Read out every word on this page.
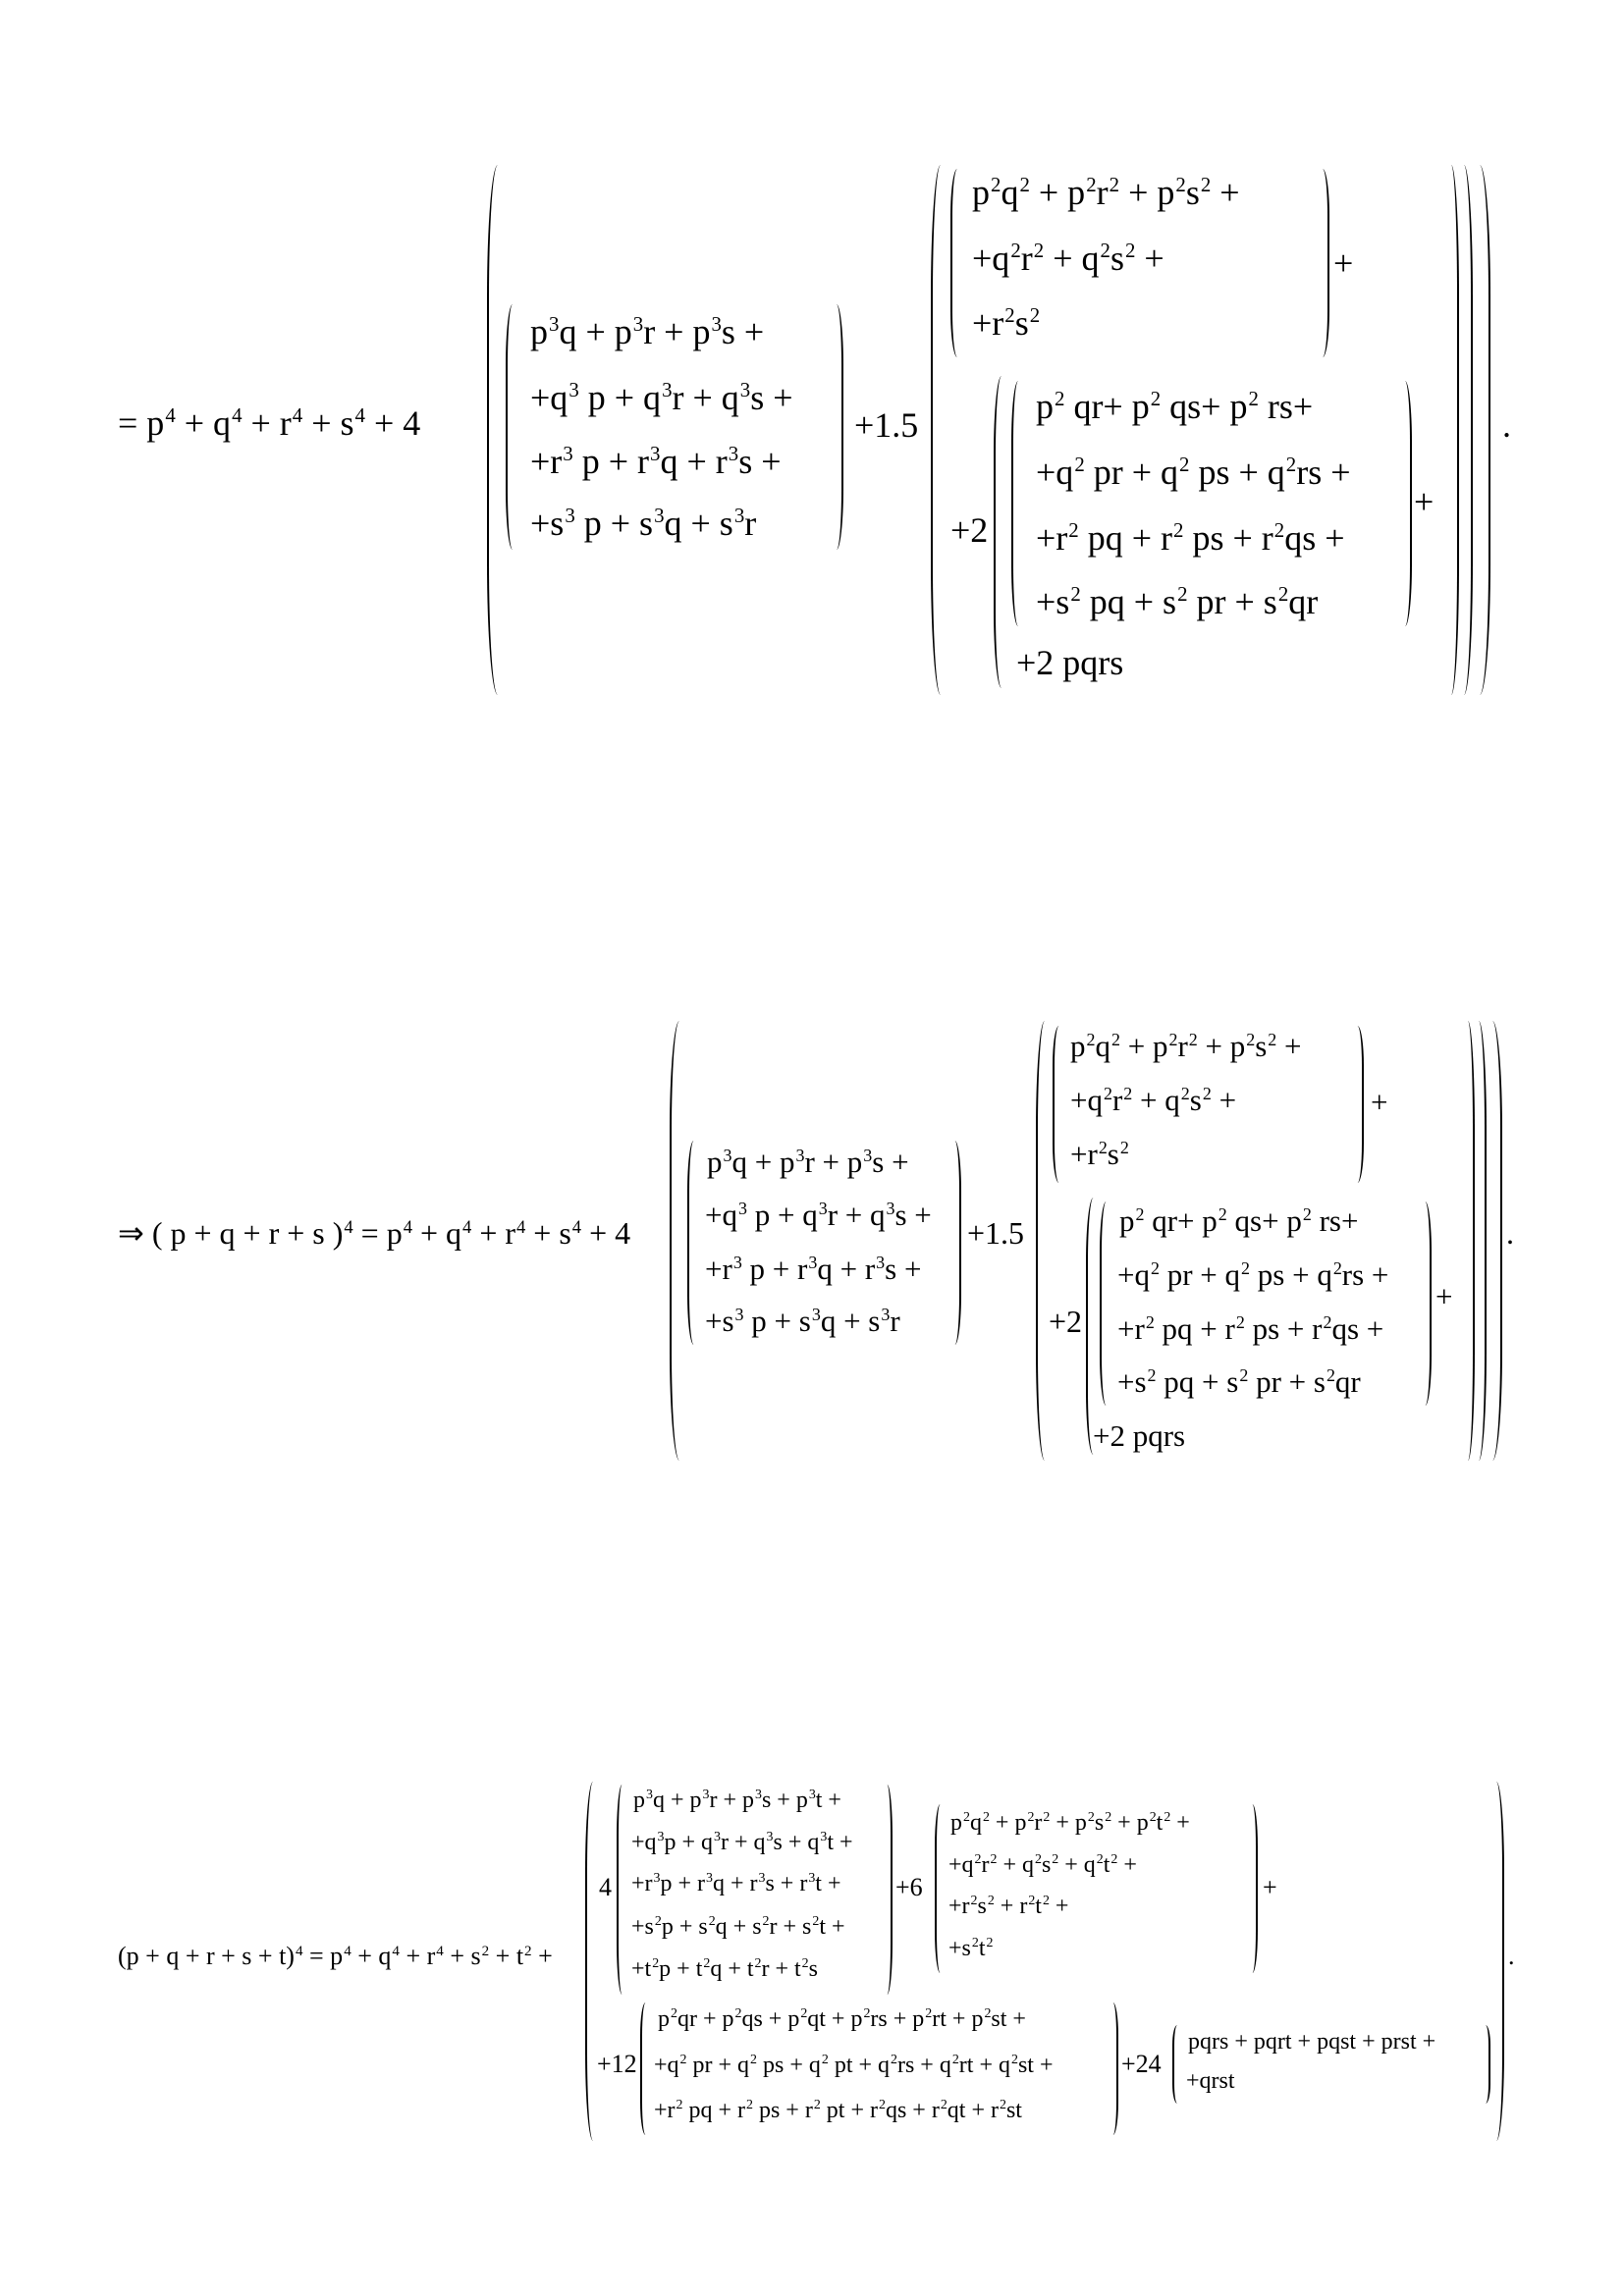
= $p^4 + q^4 + r^4 + s^4 + 4$
$p^3q + p^3r + p^3s$ +
$+q^3$ $p + q^3r + q^3s$ +
$+r^3$ $p + r^3q + r^3s$ +
$+s^3$ $p + s^3q + s^3r$
+1.5
$p^2q^2 + p^2r^2 + p^2s^2$ +
$+q^2r^2 + q^2s^2$ +
$+r^2s^2$
+
+2
$p^2$ $qr+ p^2$ $qs+ p^2$ rs+
$+q^2$ pr + $q^2$ ps + $q^2rs$ +
$+r^2$ pq + $r^2$ ps + $r^2qs$ +
$+s^2$ pq + $s^2$ pr + $s^2qr$
+
+2 pqrs
.
⇒ ( p + q + r + s )$^4 = p^4 + q^4 + r^4 + s^4 + 4$
$p^3q + p^3r + p^3s$ +
$+q^3$ $p + q^3r + q^3s$ +
$+r^3$ $p + r^3q + r^3s$ +
$+s^3$ $p + s^3q + s^3r$
+1.5
$p^2q^2 + p^2r^2 + p^2s^2$ +
$+q^2r^2 + q^2s^2$ +
$+r^2s^2$
+
+2
$p^2$ $qr+ p^2$ $qs+ p^2$ rs+
$+q^2$ pr + $q^2$ ps + $q^2rs$ +
$+r^2$ pq + $r^2$ ps + $r^2qs$ +
$+s^2$ pq + $s^2$ pr + $s^2qr$
+
+2 pqrs
.
$(p + q + r + s + t)^4 = p^4 + q^4 + r^4 + s^2 + t^2$ +
4
$p^3q + p^3r + p^3s + p^3t$ +
$+q^3p + q^3r + q^3s + q^3t$ +
$+r^3p + r^3q + r^3s + r^3t$ +
$+s^2p + s^2q + s^2r + s^2t$ +
$+t^2p + t^2q + t^2r + t^2s$
+6
$p^2q^2 + p^2r^2 + p^2s^2 + p^2t^2$ +
$+q^2r^2 + q^2s^2 + q^2t^2$ +
$+r^2s^2 + r^2t^2$ +
$+s^2t^2$
+
+12
$p^2qr + p^2qs + p^2qt + p^2rs + p^2rt + p^2st$ +
$+q^2$ pr + $q^2$ ps + $q^2$ pt + $q^2rs + q^2rt + q^2st$ +
$+r^2$ pq + $r^2$ ps + $r^2$ pt + $r^2qs + r^2qt + r^2st$
+24
pqrs + pqrt + pqst + prst +
+qrst
.
